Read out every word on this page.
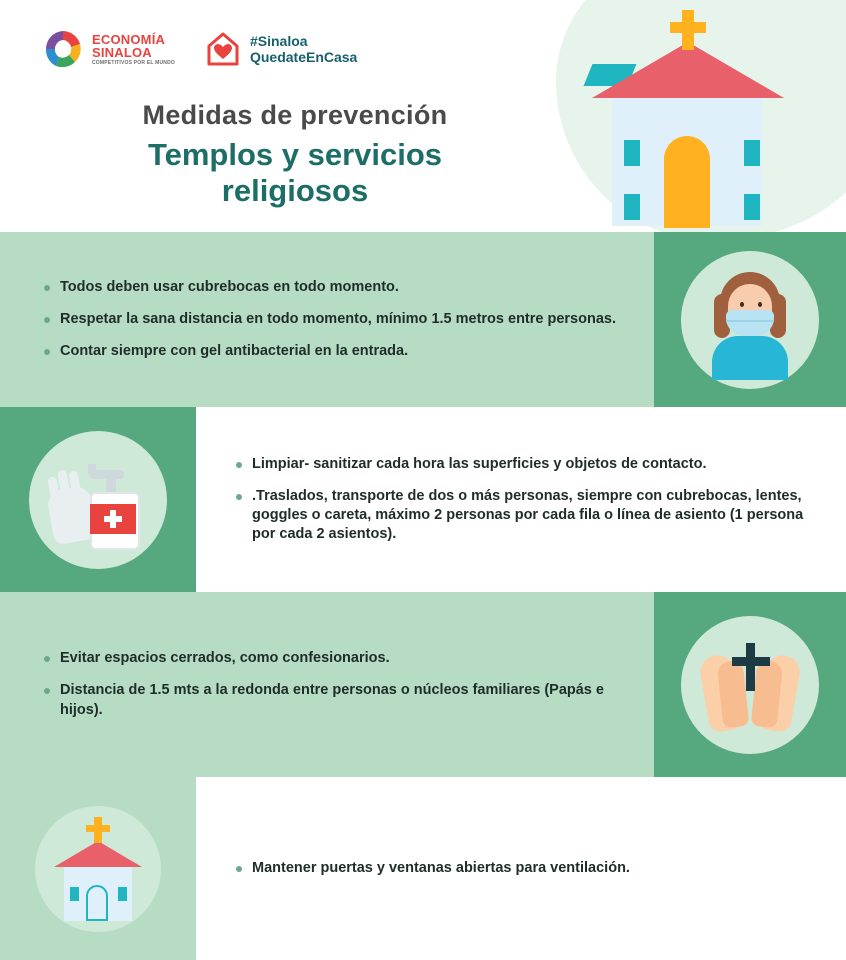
ECONOMÍA
SINALOA
COMPETITIVOS POR EL MUNDO
#Sinaloa
QuedateEnCasa
Medidas de prevención
Templos y servicios
religiosos
Todos deben usar cubrebocas en todo momento.
Respetar la sana distancia en todo momento, mínimo 1.5 metros entre personas.
Contar siempre con gel antibacterial en la entrada.
Limpiar- sanitizar cada hora las superficies y objetos de contacto.
.Traslados, transporte de dos o más personas, siempre con cubrebocas, lentes, goggles o careta, máximo 2 personas por cada fila o línea de asiento (1 persona por cada 2 asientos).
Evitar espacios cerrados, como confesionarios.
Distancia de 1.5 mts a la redonda entre personas o núcleos familiares (Papás e hijos).
Mantener puertas y ventanas abiertas para ventilación.
